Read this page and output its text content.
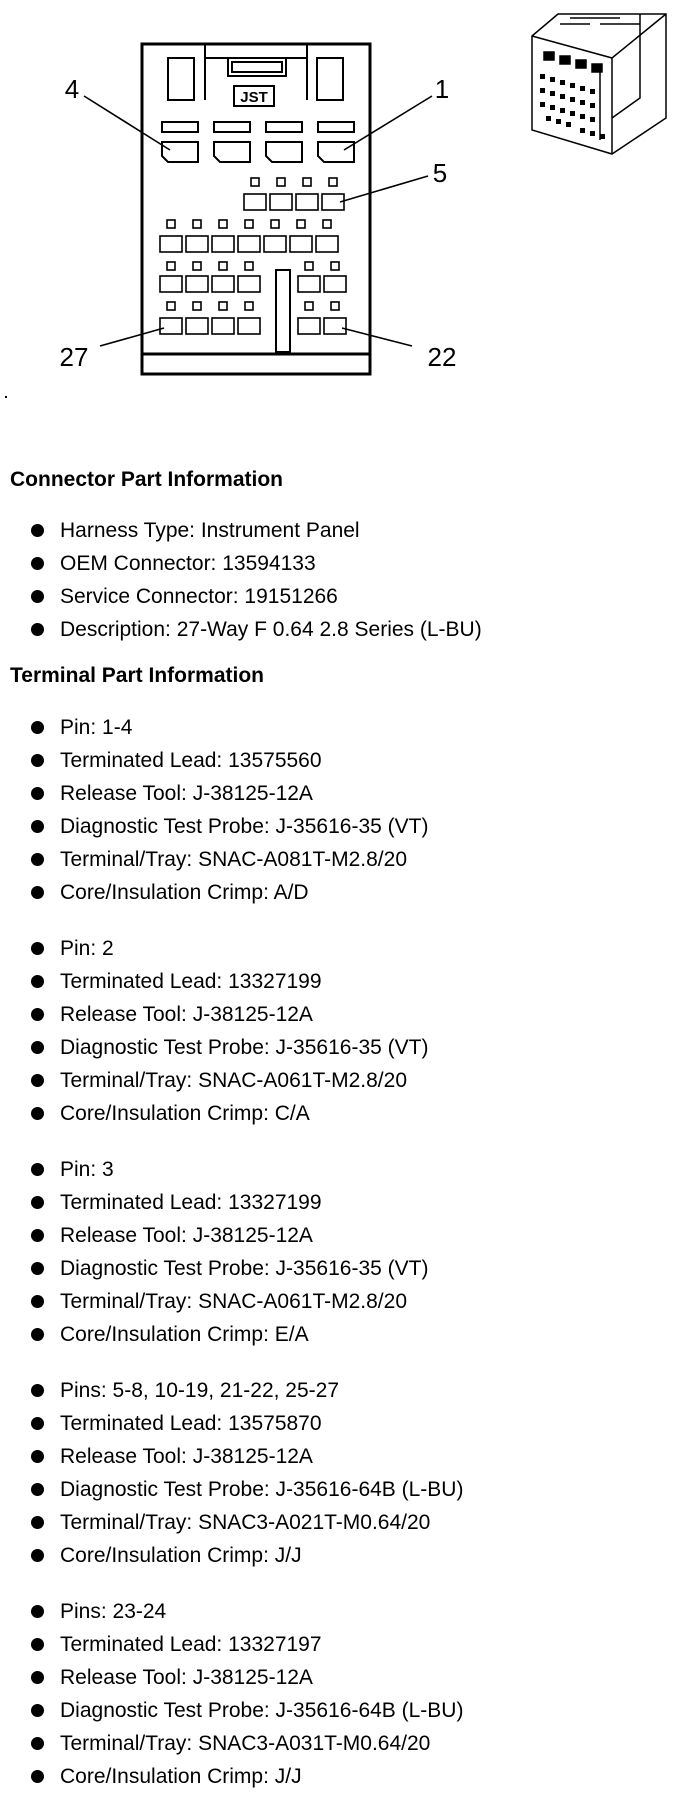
JST
4	1
5
27	22
Connector Part Information
Harness Type: Instrument Panel
OEM Connector: 13594133
Service Connector: 19151266
Description: 27-Way F 0.64 2.8 Series (L-BU)
Terminal Part Information
Pin: 1-4
Terminated Lead: 13575560
Release Tool: J-38125-12A
Diagnostic Test Probe: J-35616-35 (VT)
Terminal/Tray: SNAC-A081T-M2.8/20
Core/Insulation Crimp: A/D
Pin: 2
Terminated Lead: 13327199
Release Tool: J-38125-12A
Diagnostic Test Probe: J-35616-35 (VT)
Terminal/Tray: SNAC-A061T-M2.8/20
Core/Insulation Crimp: C/A
Pin: 3
Terminated Lead: 13327199
Release Tool: J-38125-12A
Diagnostic Test Probe: J-35616-35 (VT)
Terminal/Tray: SNAC-A061T-M2.8/20
Core/Insulation Crimp: E/A
Pins: 5-8, 10-19, 21-22, 25-27
Terminated Lead: 13575870
Release Tool: J-38125-12A
Diagnostic Test Probe: J-35616-64B (L-BU)
Terminal/Tray: SNAC3-A021T-M0.64/20
Core/Insulation Crimp: J/J
Pins: 23-24
Terminated Lead: 13327197
Release Tool: J-38125-12A
Diagnostic Test Probe: J-35616-64B (L-BU)
Terminal/Tray: SNAC3-A031T-M0.64/20
Core/Insulation Crimp: J/J
